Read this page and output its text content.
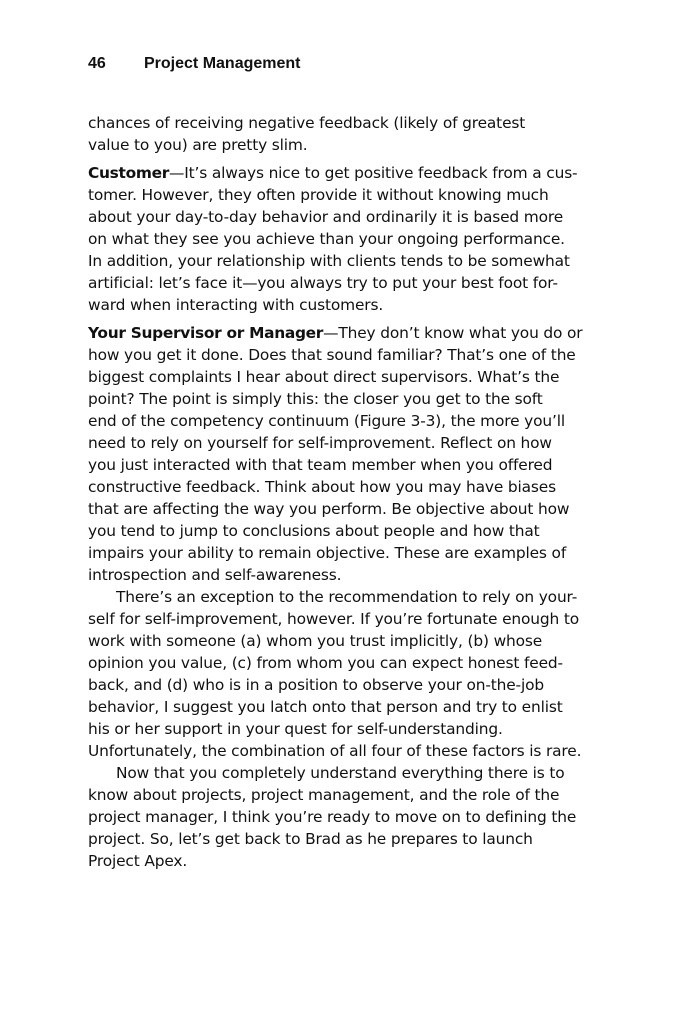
46 Project Management
chances of receiving negative feedback (likely of greatest
value to you) are pretty slim.
Customer—It’s always nice to get positive feedback from a cus-
tomer. However, they often provide it without knowing much
about your day-to-day behavior and ordinarily it is based more
on what they see you achieve than your ongoing performance.
In addition, your relationship with clients tends to be somewhat
artificial: let’s face it—you always try to put your best foot for-
ward when interacting with customers.
Your Supervisor or Manager—They don’t know what you do or
how you get it done. Does that sound familiar? That’s one of the
biggest complaints I hear about direct supervisors. What’s the
point? The point is simply this: the closer you get to the soft
end of the competency continuum (Figure 3-3), the more you’ll
need to rely on yourself for self-improvement. Reflect on how
you just interacted with that team member when you offered
constructive feedback. Think about how you may have biases
that are affecting the way you perform. Be objective about how
you tend to jump to conclusions about people and how that
impairs your ability to remain objective. These are examples of
introspection and self-awareness.
There’s an exception to the recommendation to rely on your-
self for self-improvement, however. If you’re fortunate enough to
work with someone (a) whom you trust implicitly, (b) whose
opinion you value, (c) from whom you can expect honest feed-
back, and (d) who is in a position to observe your on-the-job
behavior, I suggest you latch onto that person and try to enlist
his or her support in your quest for self-understanding.
Unfortunately, the combination of all four of these factors is rare.
Now that you completely understand everything there is to
know about projects, project management, and the role of the
project manager, I think you’re ready to move on to defining the
project. So, let’s get back to Brad as he prepares to launch
Project Apex.
